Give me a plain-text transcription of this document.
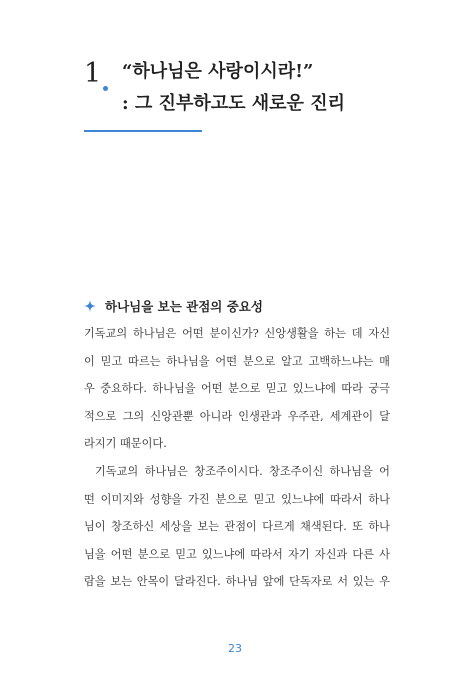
1 “하나님은 사랑이시라!”
: 그 진부하고도 새로운 진리
하나님을 보는 관점의 중요성
기독교의 하나님은 어떤 분이신가? 신앙생활을 하는 데 자신
이 믿고 따르는 하나님을 어떤 분으로 알고 고백하느냐는 매
우 중요하다. 하나님을 어떤 분으로 믿고 있느냐에 따라 궁극
적으로 그의 신앙관뿐 아니라 인생관과 우주관, 세계관이 달
라지기 때문이다.
기독교의 하나님은 창조주이시다. 창조주이신 하나님을 어
떤 이미지와 성향을 가진 분으로 믿고 있느냐에 따라서 하나
님이 창조하신 세상을 보는 관점이 다르게 채색된다. 또 하나
님을 어떤 분으로 믿고 있느냐에 따라서 자기 자신과 다른 사
람을 보는 안목이 달라진다. 하나님 앞에 단독자로 서 있는 우
23
